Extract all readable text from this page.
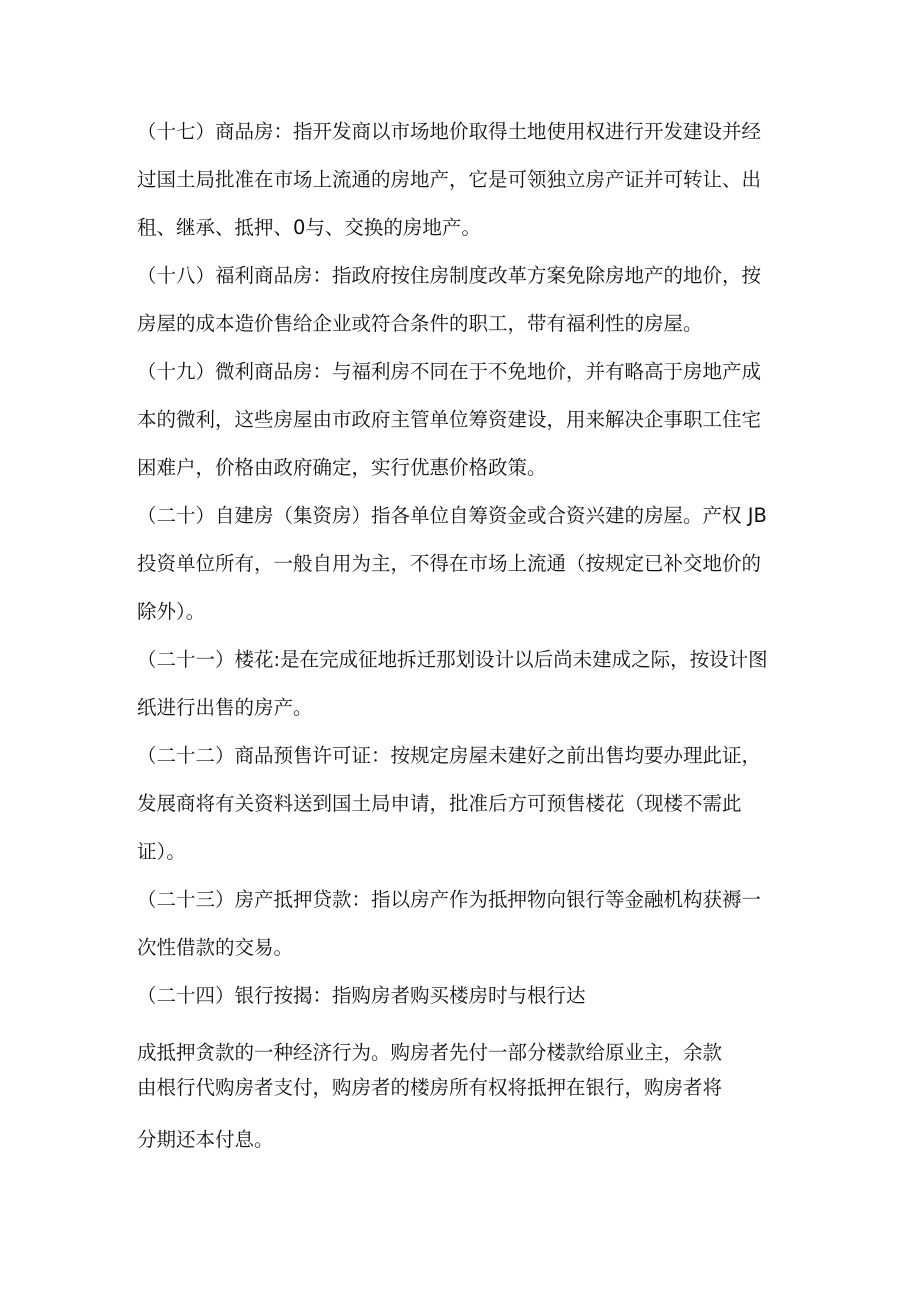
（十七）商品房：指开发商以市场地价取得土地使用权进行开发建设并经
过国土局批准在市场上流通的房地产，它是可领独立房产证并可转让、出
租、继承、抵押、0与、交换的房地产。
（十八）福利商品房：指政府按住房制度改革方案免除房地产的地价，按
房屋的成本造价售给企业或符合条件的职工，带有福利性的房屋。
（十九）微利商品房：与福利房不同在于不免地价，并有略高于房地产成
本的微利，这些房屋由市政府主管单位筹资建设，用来解决企事职工住宅
困难户，价格由政府确定，实行优惠价格政策。
（二十）自建房（集资房）指各单位自筹资金或合资兴建的房屋。产权 JB
投资单位所有，一般自用为主，不得在市场上流通（按规定已补交地价的
除外）。
（二十一）楼花:是在完成征地拆迁那划设计以后尚未建成之际，按设计图
纸进行出售的房产。
（二十二）商品预售许可证：按规定房屋未建好之前出售均要办理此证，
发展商将有关资料送到国土局申请，批准后方可预售楼花（现楼不需此
证）。
（二十三）房产抵押贷款：指以房产作为抵押物向银行等金融机构获褥一
次性借款的交易。
（二十四）银行按揭：指购房者购买楼房时与根行达
成抵押贪款的一种经济行为。购房者先付一部分楼款给原业主，余款
由根行代购房者支付，购房者的楼房所有权将抵押在银行，购房者将
分期还本付息。
